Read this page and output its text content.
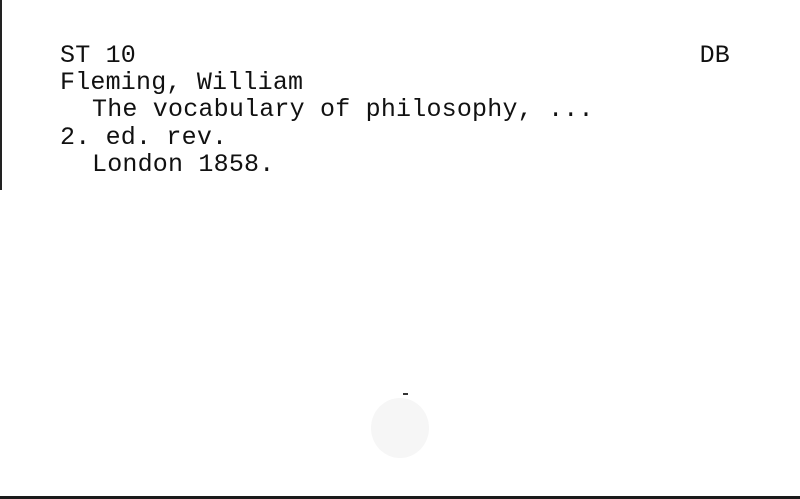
ST 10	DB
Fleming, William
The vocabulary of philosophy, ...
2. ed. rev.
London 1858.
